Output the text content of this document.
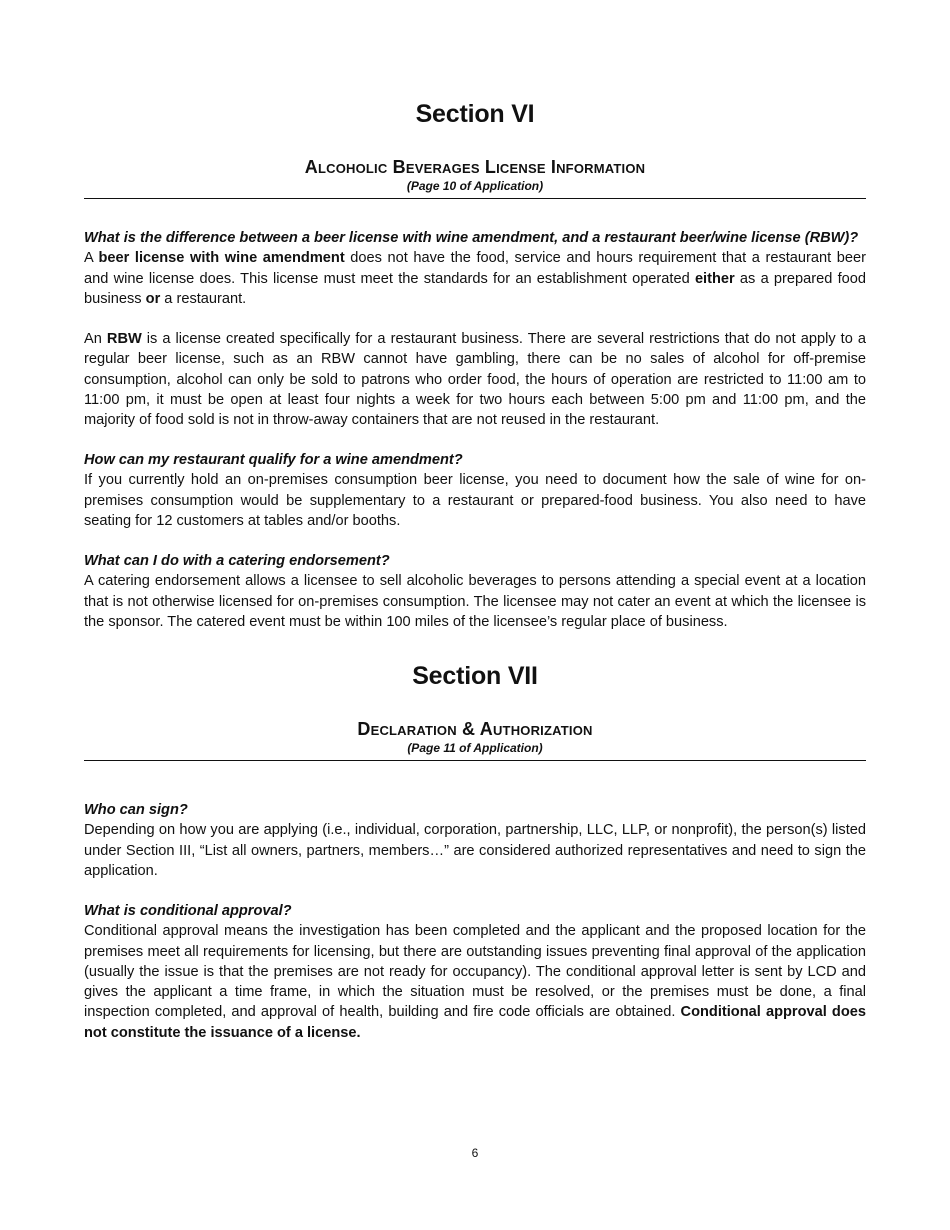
Section VI
Alcoholic Beverages License Information

(Page 10 of Application)

What is the difference between a beer license with wine amendment, and a restaurant beer/wine license (RBW)?

A beer license with wine amendment does not have the food, service and hours requirement that a restaurant beer and wine license does. This license must meet the standards for an establishment operated either as a prepared food business or a restaurant.

An RBW is a license created specifically for a restaurant business. There are several restrictions that do not apply to a regular beer license, such as an RBW cannot have gambling, there can be no sales of alcohol for off-premise consumption, alcohol can only be sold to patrons who order food, the hours of operation are restricted to 11:00 am to 11:00 pm, it must be open at least four nights a week for two hours each between 5:00 pm and 11:00 pm, and the majority of food sold is not in throw-away containers that are not reused in the restaurant.

How can my restaurant qualify for a wine amendment?

If you currently hold an on-premises consumption beer license, you need to document how the sale of wine for on-premises consumption would be supplementary to a restaurant or prepared-food business. You also need to have seating for 12 customers at tables and/or booths.

What can I do with a catering endorsement?

A catering endorsement allows a licensee to sell alcoholic beverages to persons attending a special event at a location that is not otherwise licensed for on-premises consumption. The licensee may not cater an event at which the licensee is the sponsor. The catered event must be within 100 miles of the licensee’s regular place of business.

Section VII
Declaration & Authorization

(Page 11 of Application)

Who can sign?

Depending on how you are applying (i.e., individual, corporation, partnership, LLC, LLP, or nonprofit), the person(s) listed under Section III, “List all owners, partners, members…” are considered authorized representatives and need to sign the application.

What is conditional approval?

Conditional approval means the investigation has been completed and the applicant and the proposed location for the premises meet all requirements for licensing, but there are outstanding issues preventing final approval of the application (usually the issue is that the premises are not ready for occupancy). The conditional approval letter is sent by LCD and gives the applicant a time frame, in which the situation must be resolved, or the premises must be done, a final inspection completed, and approval of health, building and fire code officials are obtained. Conditional approval does not constitute the issuance of a license.

6
